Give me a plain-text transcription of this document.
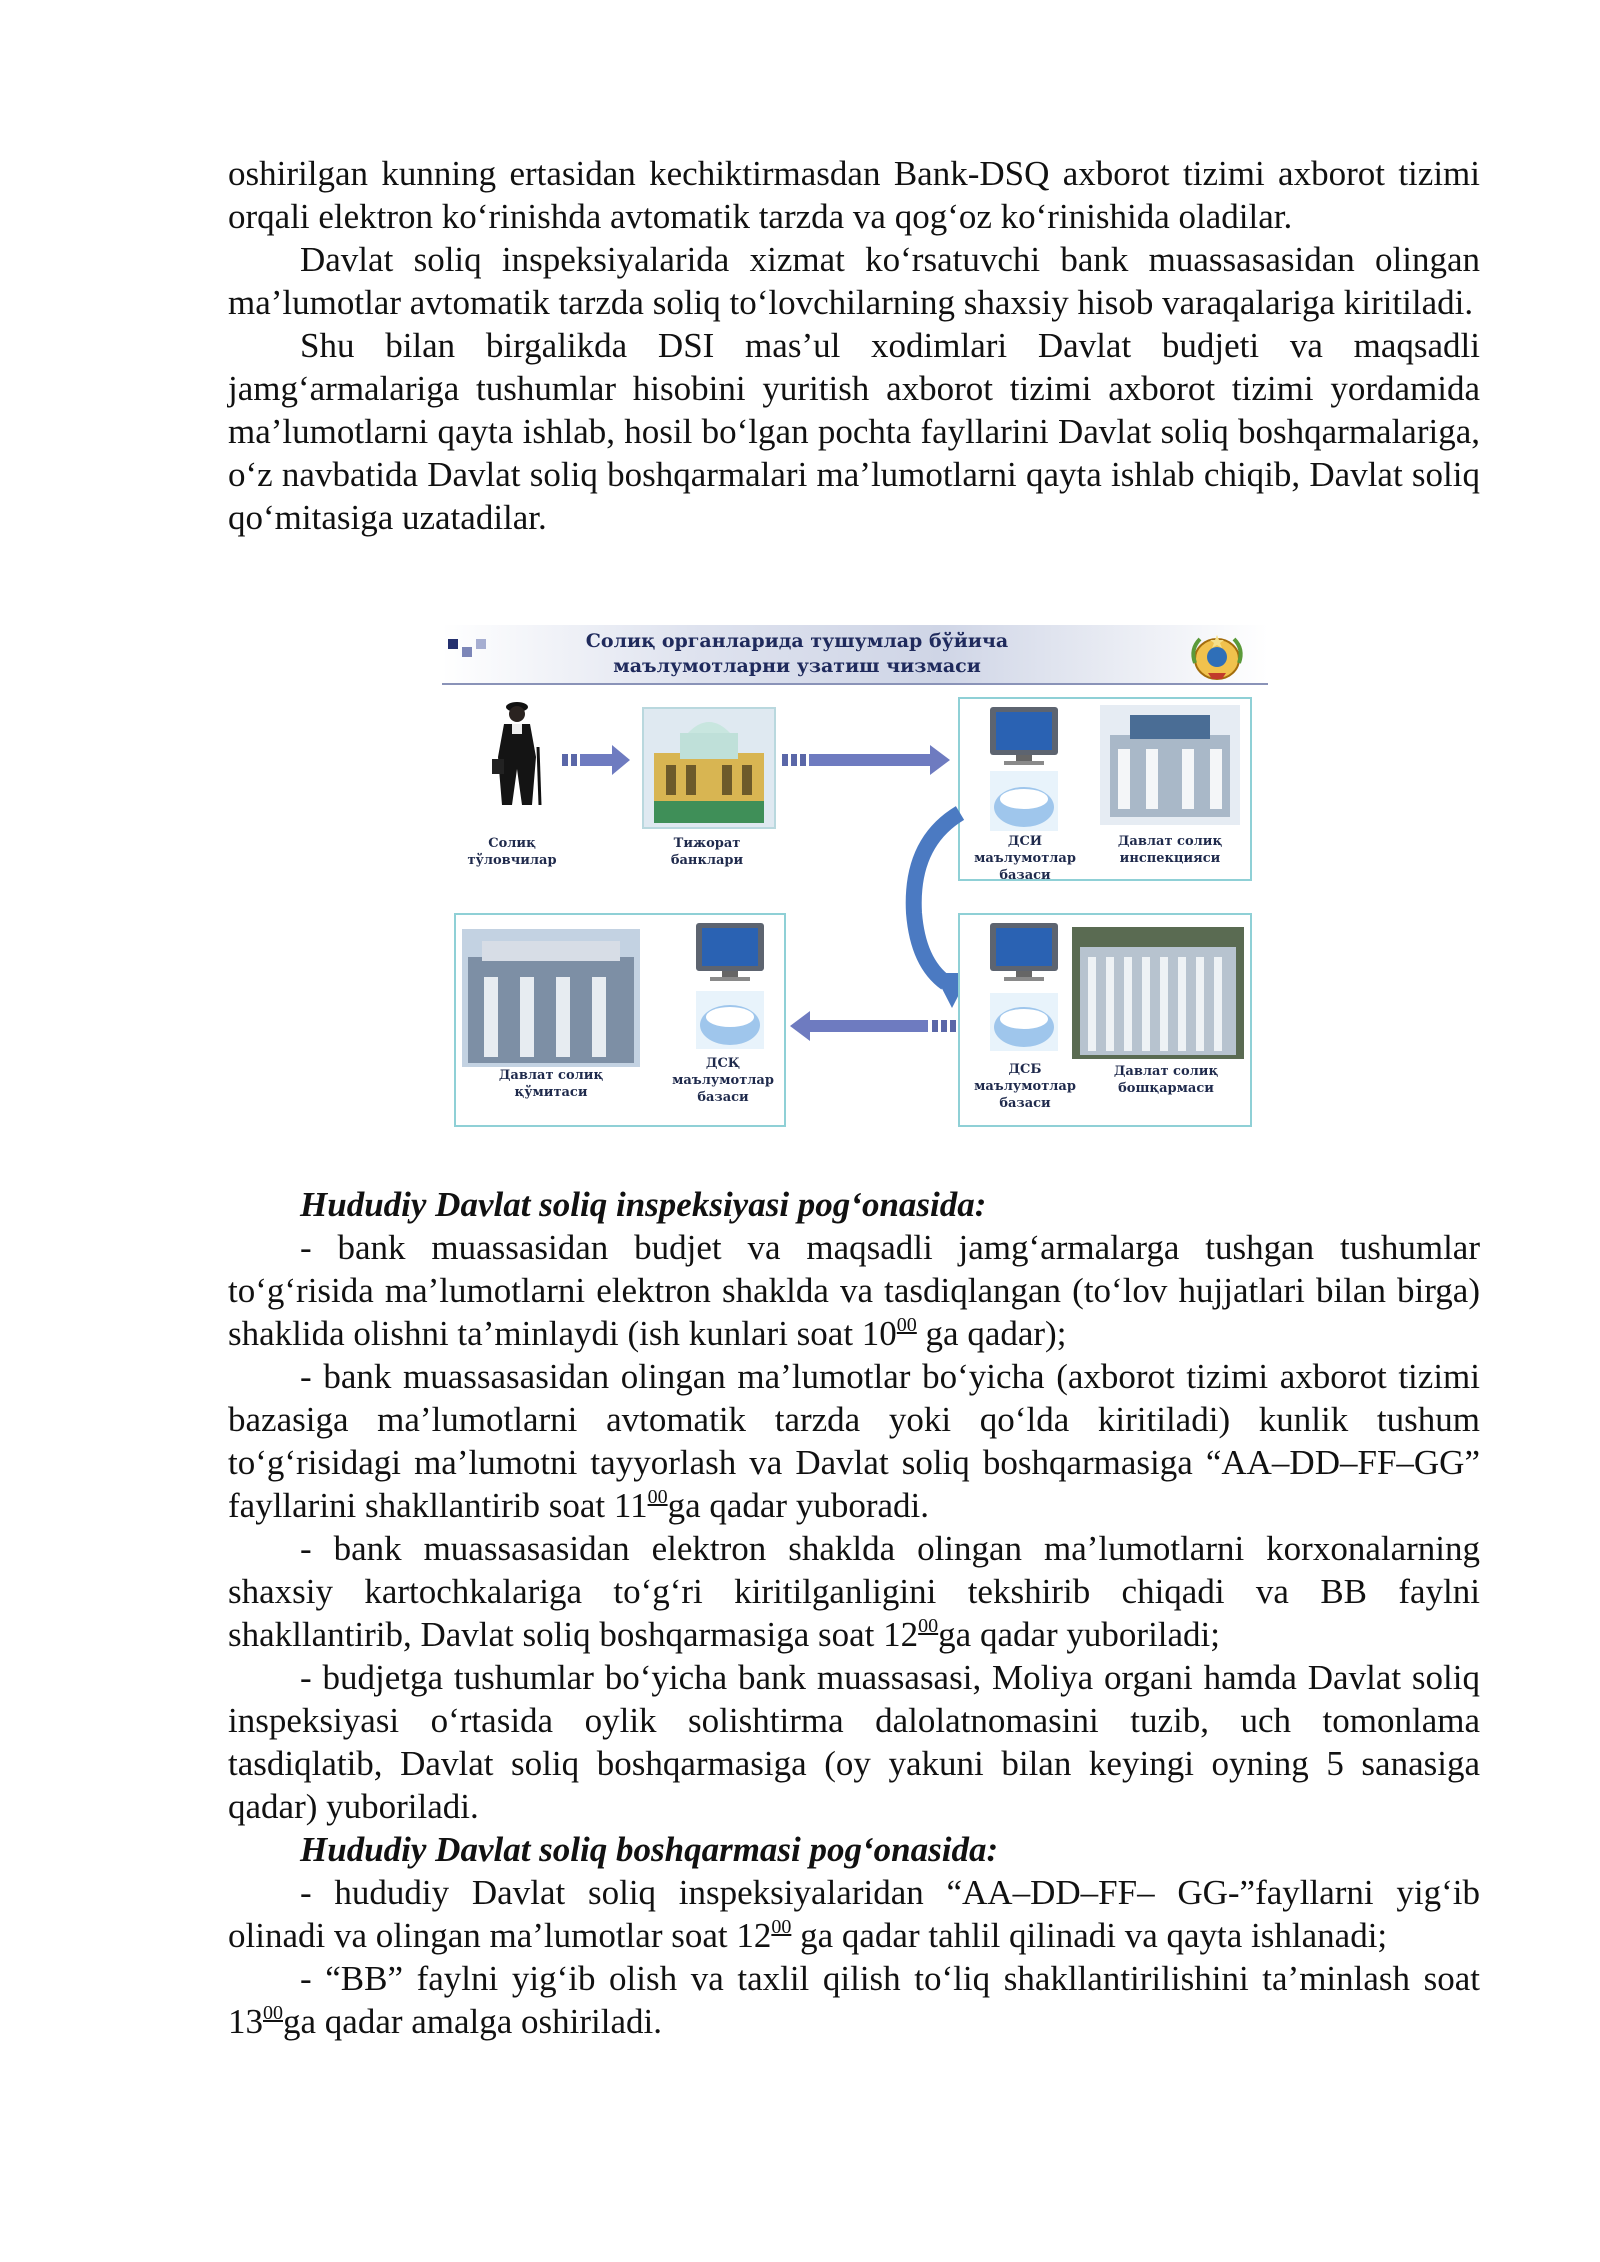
oshirilgan kunning ertasidan kechiktirmasdan Bank-DSQ axborot tizimi axborot tizimi orqali elektron ko‘rinishda avtomatik tarzda va qog‘oz ko‘rinishida oladilar.

Davlat soliq inspeksiyalarida xizmat ko‘rsatuvchi bank muassasasidan olingan ma’lumotlar avtomatik tarzda soliq to‘lovchilarning shaxsiy hisob varaqalariga kiritiladi.

Shu bilan birgalikda DSI mas’ul xodimlari Davlat budjeti va maqsadli jamg‘armalariga tushumlar hisobini yuritish axborot tizimi axborot tizimi yordamida ma’lumotlarni qayta ishlab, hosil bo‘lgan pochta fayllarini Davlat soliq boshqarmalariga, o‘z navbatida Davlat soliq boshqarmalari ma’lumotlarni qayta ishlab chiqib, Davlat soliq qo‘mitasiga uzatadilar.

Солиқ органларида тушумлар бўйича
маълумотларни узатиш чизмаси
Солиқ тўловчилар
Тижорат банклари
ДСИ маълумотлар базаси
Давлат солиқ инспекцияси
Давлат солиқ қўмитаси
ДСҚ маълумотлар базаси
ДСБ маълумотлар базаси
Давлат солиқ бошқармаси

Hududiy Davlat soliq inspeksiyasi pog‘onasida:

- bank muassasidan budjet va maqsadli jamg‘armalarga tushgan tushumlar to‘g‘risida ma’lumotlarni elektron shaklda va tasdiqlangan (to‘lov hujjatlari bilan birga) shaklida olishni ta’minlaydi (ish kunlari soat $10^{00}$ ga qadar);

- bank muassasasidan olingan ma’lumotlar bo‘yicha (axborot tizimi axborot tizimi bazasiga ma’lumotlarni avtomatik tarzda yoki qo‘lda kiritiladi) kunlik tushum to‘g‘risidagi ma’lumotni tayyorlash va Davlat soliq boshqarmasiga “AA–DD–FF–GG” fayllarini shakllantirib soat $11^{00}ga$ qadar yuboradi.

- bank muassasasidan elektron shaklda olingan ma’lumotlarni korxonalarning shaxsiy kartochkalariga to‘g‘ri kiritilganligini tekshirib chiqadi va BB faylni shakllantirib, Davlat soliq boshqarmasiga soat $12^{00}ga$ qadar yuboriladi;

- budjetga tushumlar bo‘yicha bank muassasasi, Moliya organi hamda Davlat soliq inspeksiyasi o‘rtasida oylik solishtirma dalolatnomasini tuzib, uch tomonlama tasdiqlatib, Davlat soliq boshqarmasiga (oy yakuni bilan keyingi oyning 5 sanasiga qadar) yuboriladi.

Hududiy Davlat soliq boshqarmasi pog‘onasida:

- hududiy Davlat soliq inspeksiyalaridan “AA–DD–FF– GG-”fayllarni yig‘ib olinadi va olingan ma’lumotlar soat $12^{00}$ ga qadar tahlil qilinadi va qayta ishlanadi;

- “BB” faylni yig‘ib olish va taxlil qilish to‘liq shakllantirilishini ta’minlash soat $13^{00}ga$ qadar amalga oshiriladi.
